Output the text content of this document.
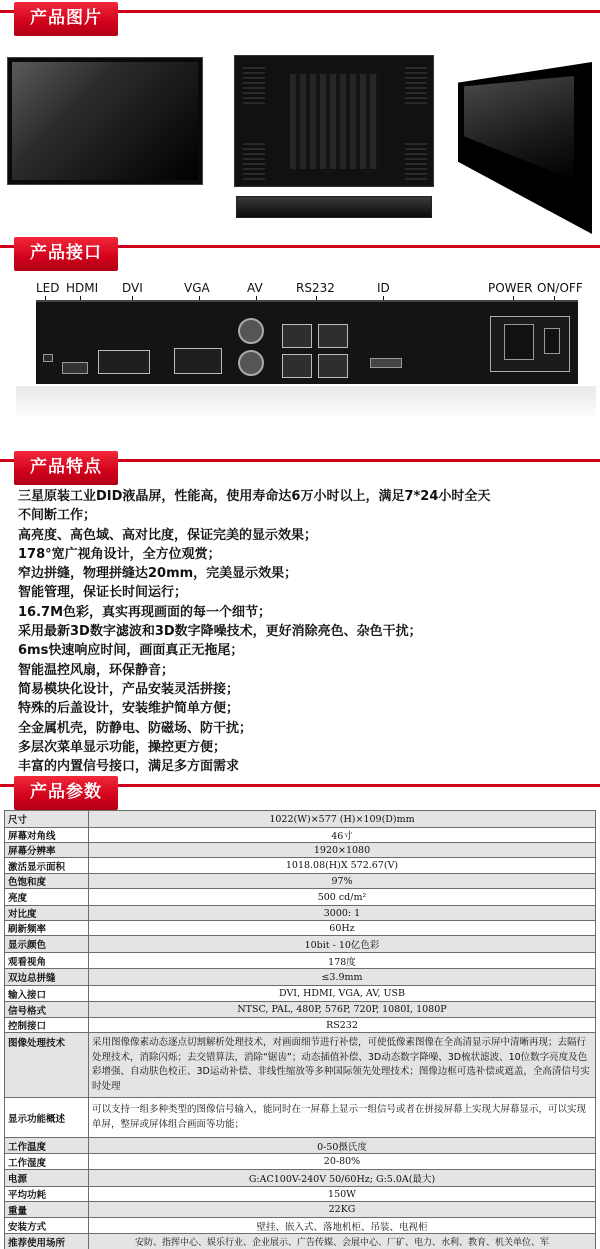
产品图片
产品接口
LED HDMI DVI	VGA	AV	RS232	ID	POWER ON/OFF
产品特点
三星原装工业DID液晶屏，性能高，使用寿命达6万小时以上，满足7*24小时全天
不间断工作；
高亮度、高色域、高对比度，保证完美的显示效果；
178°宽广视角设计，全方位观赏；
窄边拼缝，物理拼缝达20mm，完美显示效果；
智能管理，保证长时间运行；
16.7M色彩，真实再现画面的每一个细节；
采用最新3D数字滤波和3D数字降噪技术，更好消除亮色、杂色干扰；
6ms快速响应时间，画面真正无拖尾；
智能温控风扇，环保静音；
简易模块化设计，产品安装灵活拼接；
特殊的后盖设计，安装维护简单方便；
全金属机壳，防静电、防磁场、防干扰；
多层次菜单显示功能，操控更方便；
丰富的内置信号接口，满足多方面需求
产品参数
尺寸	1022(W)×577 (H)×109(D)mm
屏幕对角线	46寸
屏幕分辨率	1920×1080
激活显示面积	1018.08(H)X 572.67(V)
色饱和度	97%
亮度	500 cd/m²
对比度	3000: 1
刷新频率	60Hz
显示颜色	10bit - 10亿色彩
观看视角	178度
双边总拼缝	≤3.9mm
输入接口	DVI, HDMI, VGA, AV, USB
信号格式	NTSC, PAL, 480P, 576P, 720P, 1080I, 1080P
控制接口	RS232
图像处理技术	采用图像像素动态逐点切割解析处理技术，对画面细节进行补偿，可使低像素图像在全高清显示屏中清晰再现；去隔行处理技术，消除闪烁；去交错算法，消除“锯齿”；动态插值补偿、3D动态数字降噪、3D梳状滤波、10位数字亮度及色彩增强、自动肤色校正、3D运动补偿、非线性缩放等多种国际领先处理技术；图像边框可选补偿或遮盖，全高清信号实时处理
显示功能概述	可以支持一组多种类型的图像信号输入，能同时在一屏幕上显示一组信号或者在拼接屏幕上实现大屏幕显示，可以实现单屏，整屏或屏体组合画面等功能；
工作温度	0-50摄氏度
工作湿度	20-80%
电源	G:AC100V-240V 50/60Hz; G:5.0A(最大)
平均功耗	150W
重量	22KG
安装方式	壁挂、嵌入式、落地机柜、吊装、电视柜
推荐使用场所	安防、指挥中心、娱乐行业、企业展示、广告传媒、会展中心、厂矿、电力、水利、教育、机关单位、军
